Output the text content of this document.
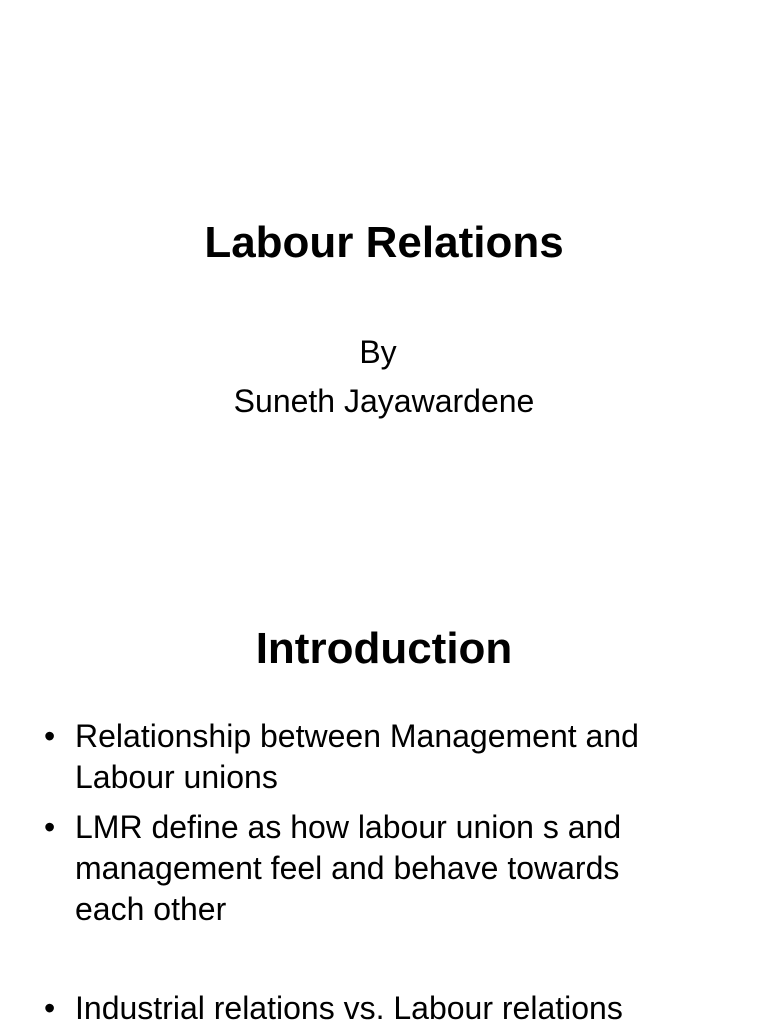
Labour Relations

By

Suneth Jayawardene

Introduction
• Relationship between Management and Labour unions
• LMR define as how labour union s and management feel and behave towards each other
• Industrial relations vs. Labour relations
